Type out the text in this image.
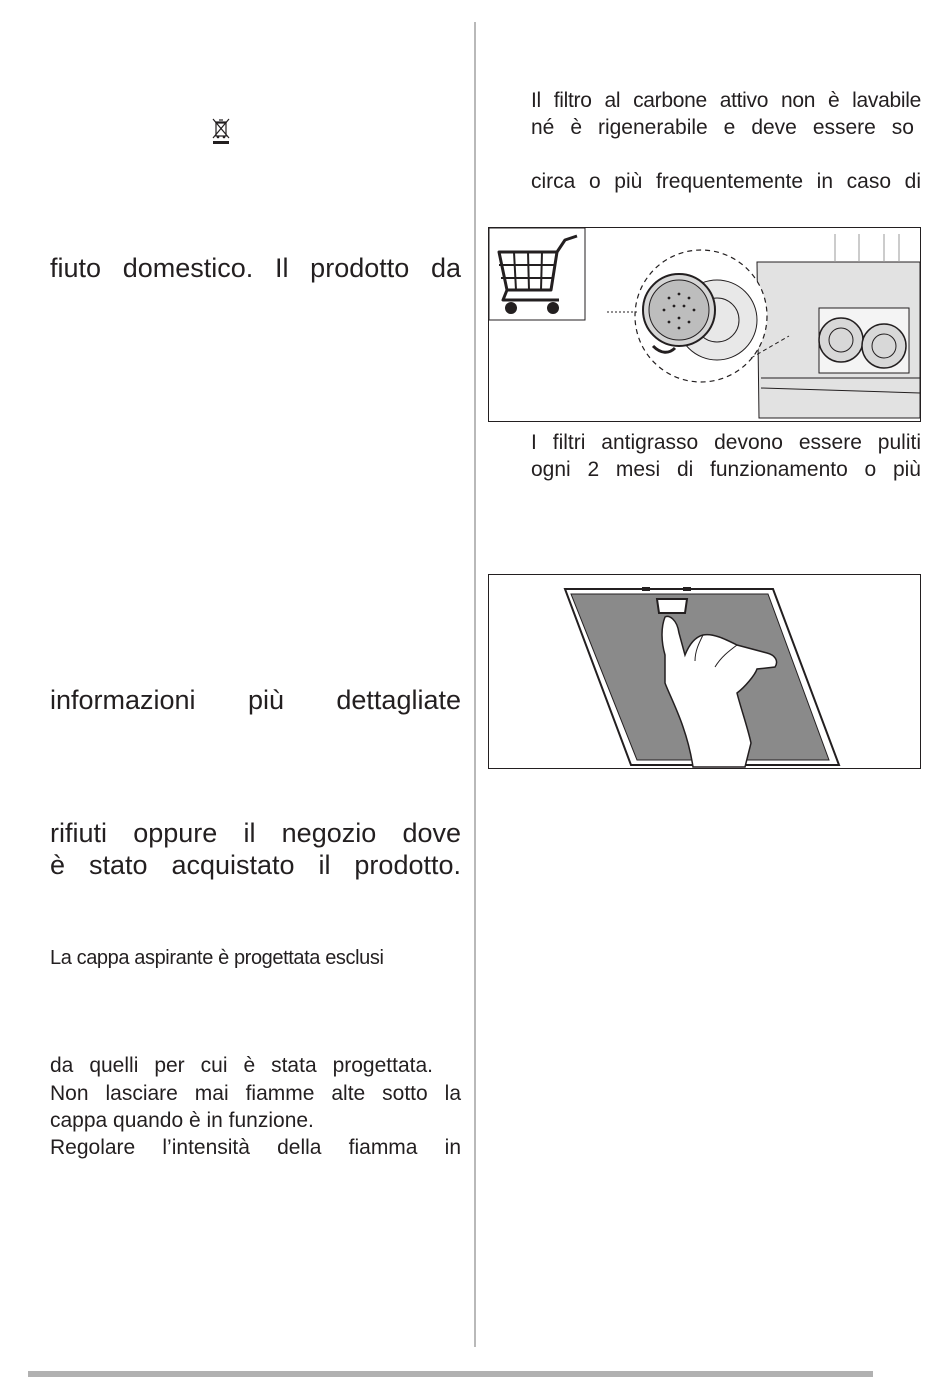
fiuto domestico. Il prodotto da

informazioni più dettagliate

rifiuti oppure il negozio dove

è stato acquistato il prodotto.

La cappa aspirante è progettata esclusi

da quelli per cui è stata progettata.

Non lasciare mai fiamme alte sotto la

cappa quando è in funzione.

Regolare l’intensità della fiamma in

Il filtro al carbone attivo non è lavabile

né è rigenerabile e deve essere so

circa o più frequentemente in caso di

I filtri antigrasso devono essere puliti

ogni 2 mesi di funzionamento o più
